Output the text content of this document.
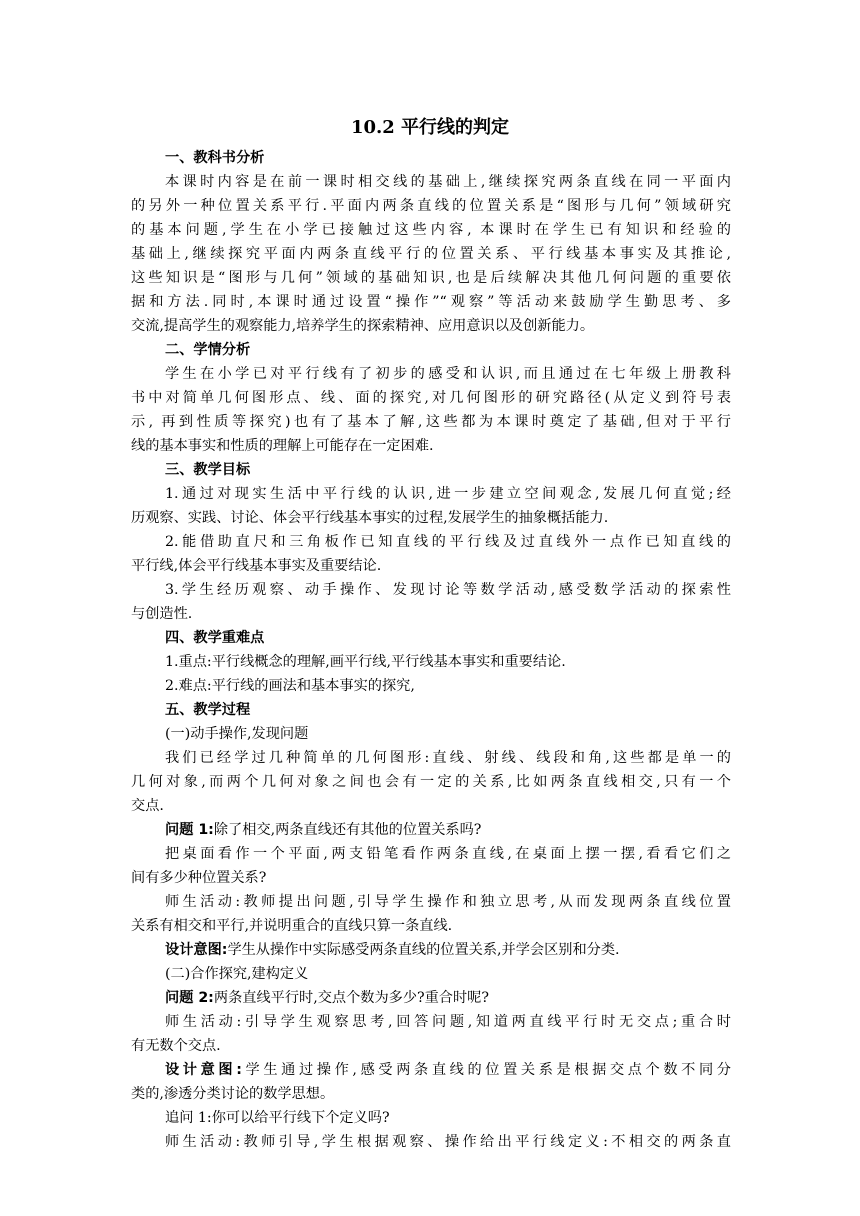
10.2 平行线的判定
一、教科书分析
本课时内容是在前一课时相交线的基础上,继续探究两条直线在同一平面内
的另外一种位置关系平行.平面内两条直线的位置关系是“图形与几何”领域研究
的基本问题,学生在小学已接触过这些内容, 本课时在学生已有知识和经验的
基础上,继续探究平面内两条直线平行的位置关系、平行线基本事实及其推论,
这些知识是“图形与几何”领域的基础知识,也是后续解决其他几何问题的重要依
据和方法.同时,本课时通过设置“操作”“观察”等活动来鼓励学生勤思考、多
交流,提高学生的观察能力,培养学生的探索精神、应用意识以及创新能力。
二、学情分析
学生在小学已对平行线有了初步的感受和认识,而且通过在七年级上册教科
书中对简单几何图形点、线、面的探究,对几何图形的研究路径(从定义到符号表
示, 再到性质等探究)也有了基本了解,这些都为本课时奠定了基础,但对于平行
线的基本事实和性质的理解上可能存在一定困难.
三、教学目标
1.通过对现实生活中平行线的认识,进一步建立空间观念,发展几何直觉;经
历观察、实践、讨论、体会平行线基本事实的过程,发展学生的抽象概括能力.
2.能借助直尺和三角板作已知直线的平行线及过直线外一点作已知直线的
平行线,体会平行线基本事实及重要结论.
3.学生经历观察、动手操作、发现讨论等数学活动,感受数学活动的探索性
与创造性.
四、教学重难点
1.重点:平行线概念的理解,画平行线,平行线基本事实和重要结论.
2.难点:平行线的画法和基本事实的探究,
五、教学过程
(一)动手操作,发现问题
我们已经学过几种简单的几何图形:直线、射线、线段和角,这些都是单一的
几何对象,而两个几何对象之间也会有一定的关系,比如两条直线相交,只有一个
交点.
问题 1:除了相交,两条直线还有其他的位置关系吗?
把桌面看作一个平面,两支铅笔看作两条直线,在桌面上摆一摆,看看它们之
间有多少种位置关系?
师生活动:教师提出问题,引导学生操作和独立思考,从而发现两条直线位置
关系有相交和平行,并说明重合的直线只算一条直线.
设计意图:学生从操作中实际感受两条直线的位置关系,并学会区别和分类.
(二)合作探究,建构定义
问题 2:两条直线平行时,交点个数为多少?重合时呢?
师生活动:引导学生观察思考,回答问题,知道两直线平行时无交点;重合时
有无数个交点.
设计意图:学生通过操作,感受两条直线的位置关系是根据交点个数不同分
类的,渗透分类讨论的数学思想。
追问 1:你可以给平行线下个定义吗?
师生活动:教师引导,学生根据观察、操作给出平行线定义:不相交的两条直
